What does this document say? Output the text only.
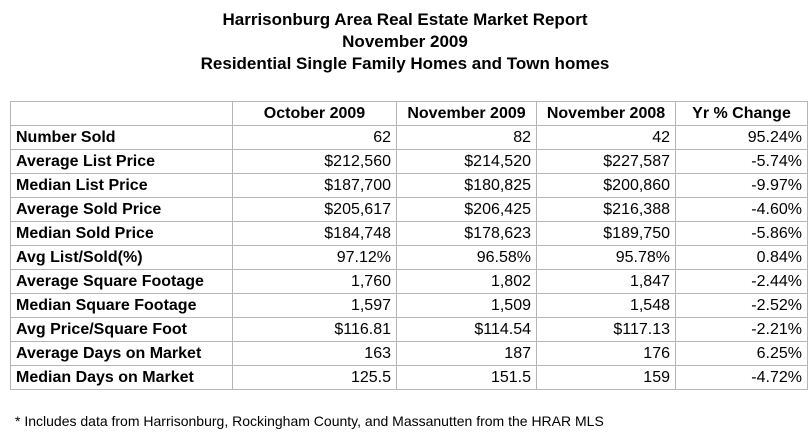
Harrisonburg Area Real Estate Market Report
November 2009
Residential Single Family Homes and Town homes
	October 2009	November 2009	November 2008	Yr % Change
Number Sold	62	82	42	95.24%
Average List Price	$212,560	$214,520	$227,587	-5.74%
Median List Price	$187,700	$180,825	$200,860	-9.97%
Average Sold Price	$205,617	$206,425	$216,388	-4.60%
Median Sold Price	$184,748	$178,623	$189,750	-5.86%
Avg List/Sold(%)	97.12%	96.58%	95.78%	0.84%
Average Square Footage	1,760	1,802	1,847	-2.44%
Median Square Footage	1,597	1,509	1,548	-2.52%
Avg Price/Square Foot	$116.81	$114.54	$117.13	-2.21%
Average Days on Market	163	187	176	6.25%
Median Days on Market	125.5	151.5	159	-4.72%
* Includes data from Harrisonburg, Rockingham County, and Massanutten from the HRAR MLS
